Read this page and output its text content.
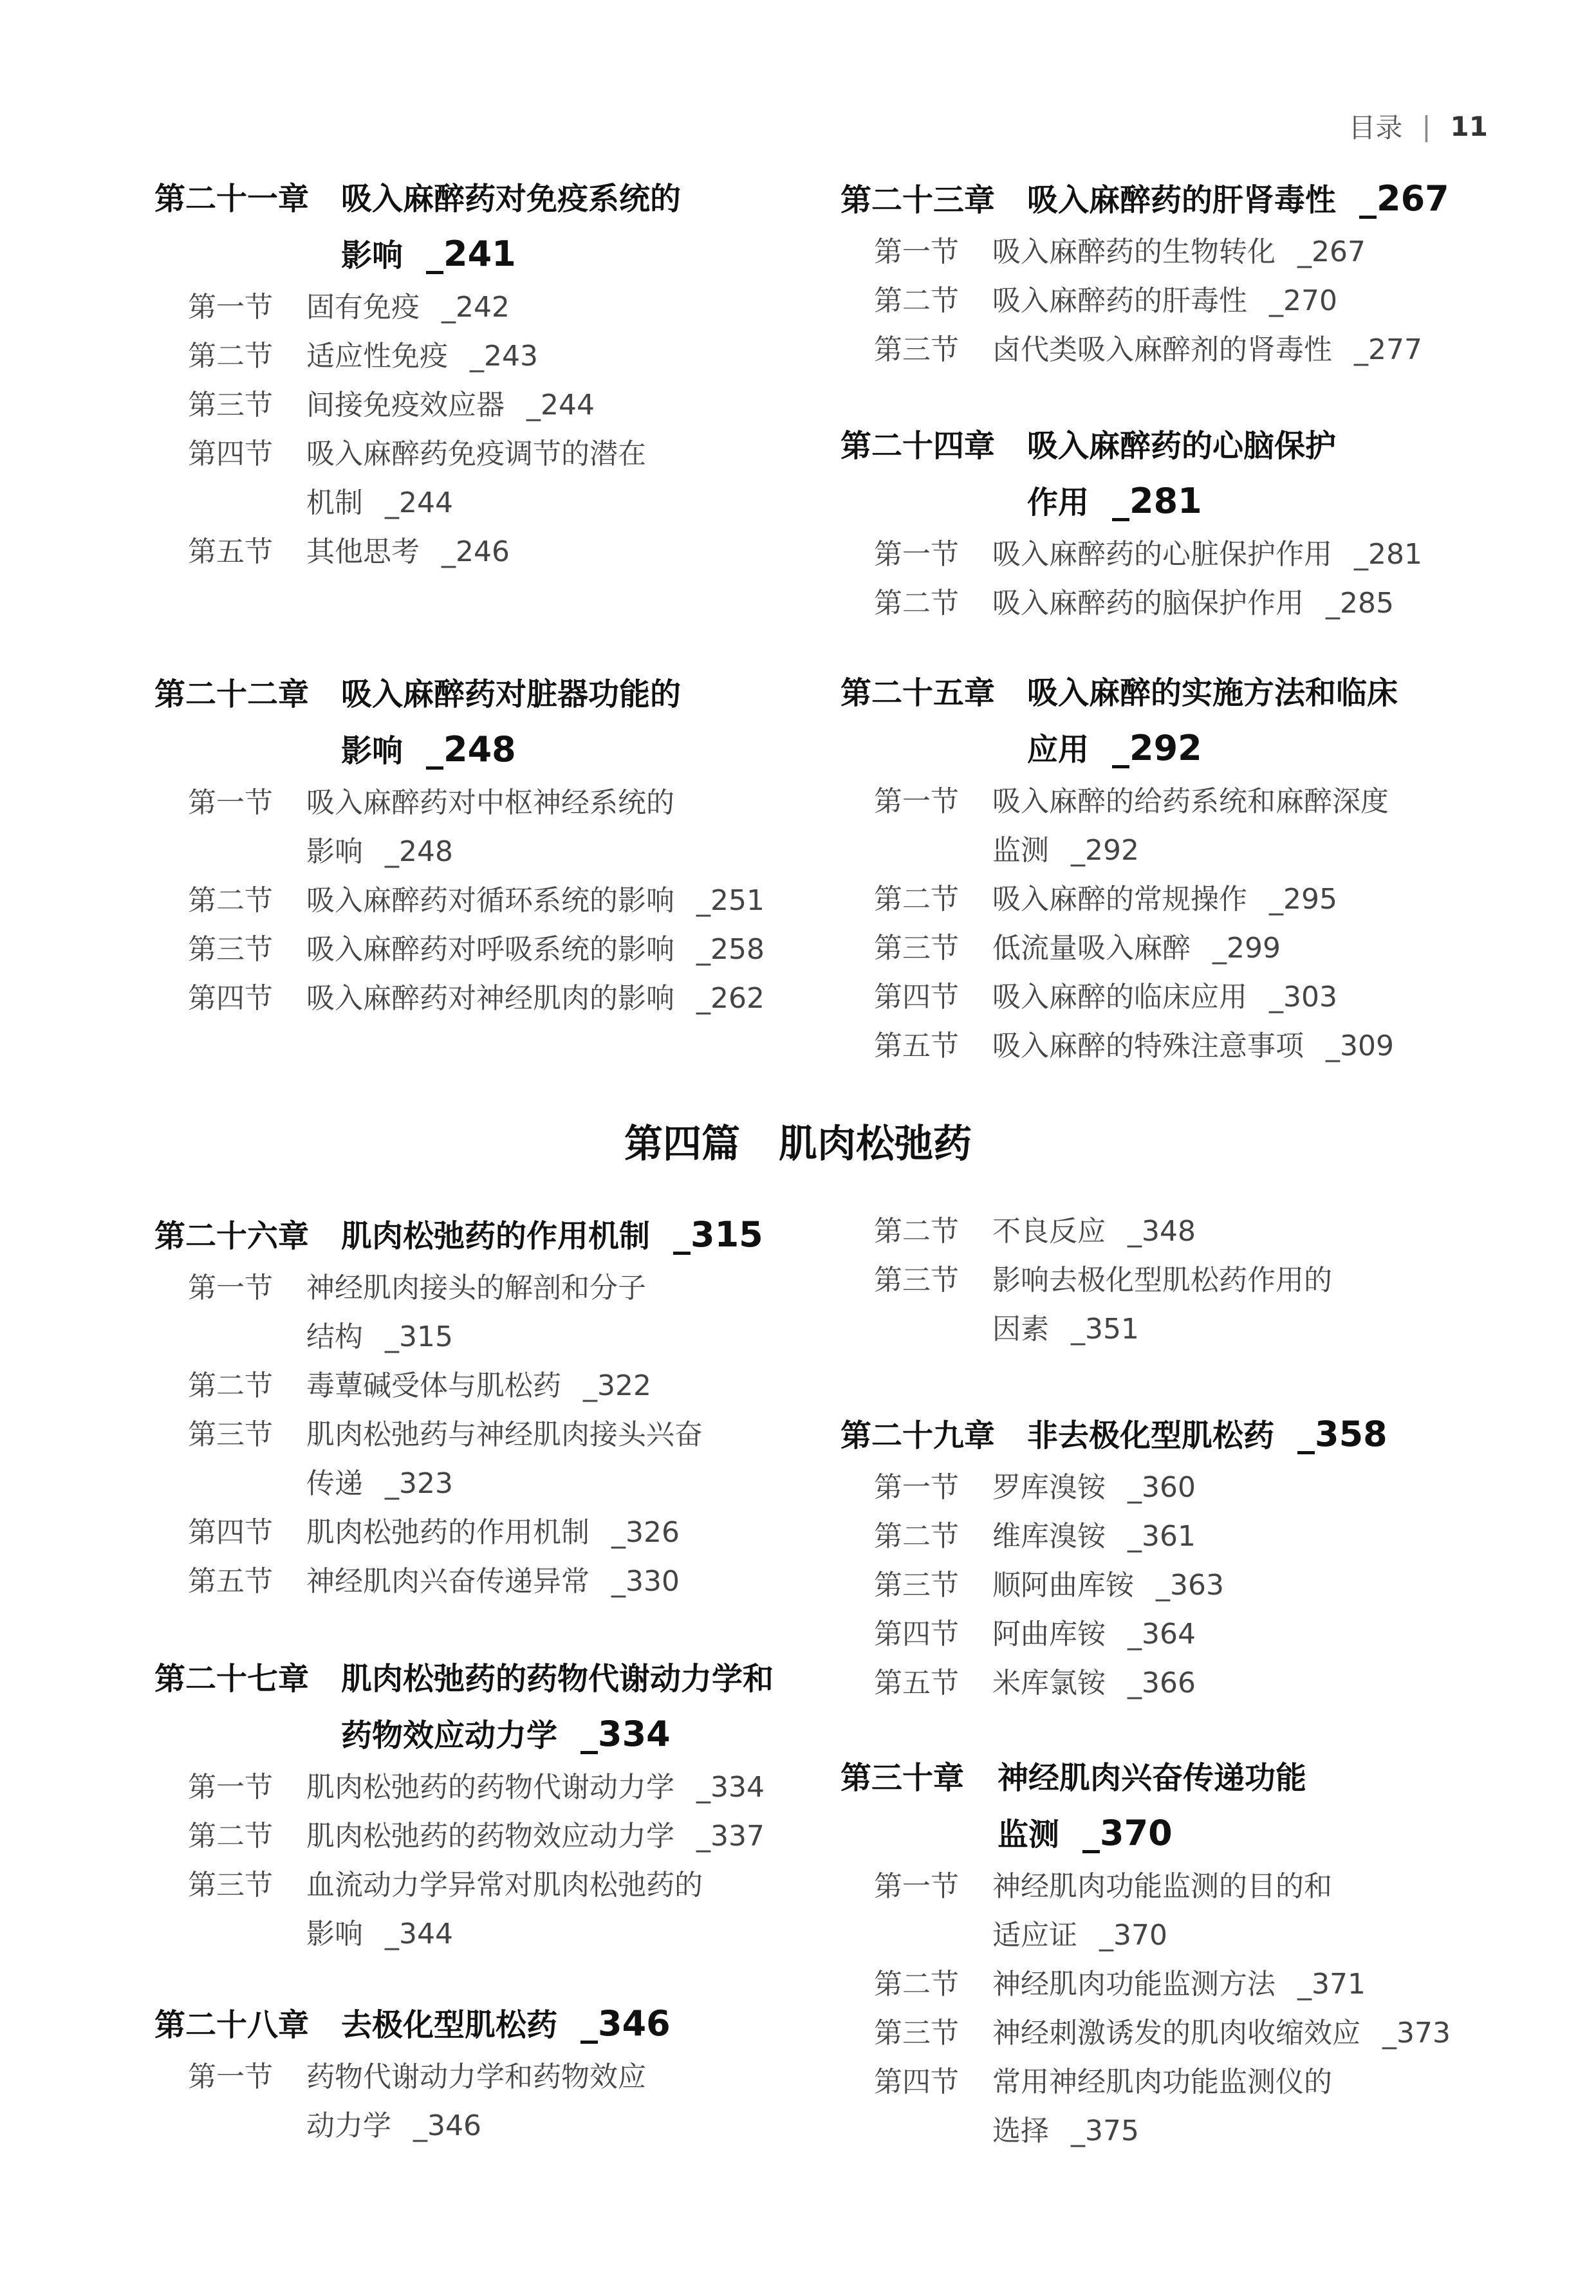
目录 | 11
第二十一章 吸入麻醉药对免疫系统的
影响 _241
第一节 固有免疫 _242
第二节 适应性免疫 _243
第三节 间接免疫效应器 _244
第四节 吸入麻醉药免疫调节的潜在
机制 _244
第五节 其他思考 _246
第二十二章 吸入麻醉药对脏器功能的
影响 _248
第一节 吸入麻醉药对中枢神经系统的
影响 _248
第二节 吸入麻醉药对循环系统的影响 _251
第三节 吸入麻醉药对呼吸系统的影响 _258
第四节 吸入麻醉药对神经肌肉的影响 _262
第二十三章 吸入麻醉药的肝肾毒性 _267
第一节 吸入麻醉药的生物转化 _267
第二节 吸入麻醉药的肝毒性 _270
第三节 卤代类吸入麻醉剂的肾毒性 _277
第二十四章 吸入麻醉药的心脑保护
作用 _281
第一节 吸入麻醉药的心脏保护作用 _281
第二节 吸入麻醉药的脑保护作用 _285
第二十五章 吸入麻醉的实施方法和临床
应用 _292
第一节 吸入麻醉的给药系统和麻醉深度
监测 _292
第二节 吸入麻醉的常规操作 _295
第三节 低流量吸入麻醉 _299
第四节 吸入麻醉的临床应用 _303
第五节 吸入麻醉的特殊注意事项 _309
第四篇 肌肉松弛药
第二十六章 肌肉松弛药的作用机制 _315
第一节 神经肌肉接头的解剖和分子
结构 _315
第二节 毒蕈碱受体与肌松药 _322
第三节 肌肉松弛药与神经肌肉接头兴奋
传递 _323
第四节 肌肉松弛药的作用机制 _326
第五节 神经肌肉兴奋传递异常 _330
第二十七章 肌肉松弛药的药物代谢动力学和
药物效应动力学 _334
第一节 肌肉松弛药的药物代谢动力学 _334
第二节 肌肉松弛药的药物效应动力学 _337
第三节 血流动力学异常对肌肉松弛药的
影响 _344
第二十八章 去极化型肌松药 _346
第一节 药物代谢动力学和药物效应
动力学 _346
第二节 不良反应 _348
第三节 影响去极化型肌松药作用的
因素 _351
第二十九章 非去极化型肌松药 _358
第一节 罗库溴铵 _360
第二节 维库溴铵 _361
第三节 顺阿曲库铵 _363
第四节 阿曲库铵 _364
第五节 米库氯铵 _366
第三十章 神经肌肉兴奋传递功能
监测 _370
第一节 神经肌肉功能监测的目的和
适应证 _370
第二节 神经肌肉功能监测方法 _371
第三节 神经刺激诱发的肌肉收缩效应 _373
第四节 常用神经肌肉功能监测仪的
选择 _375
